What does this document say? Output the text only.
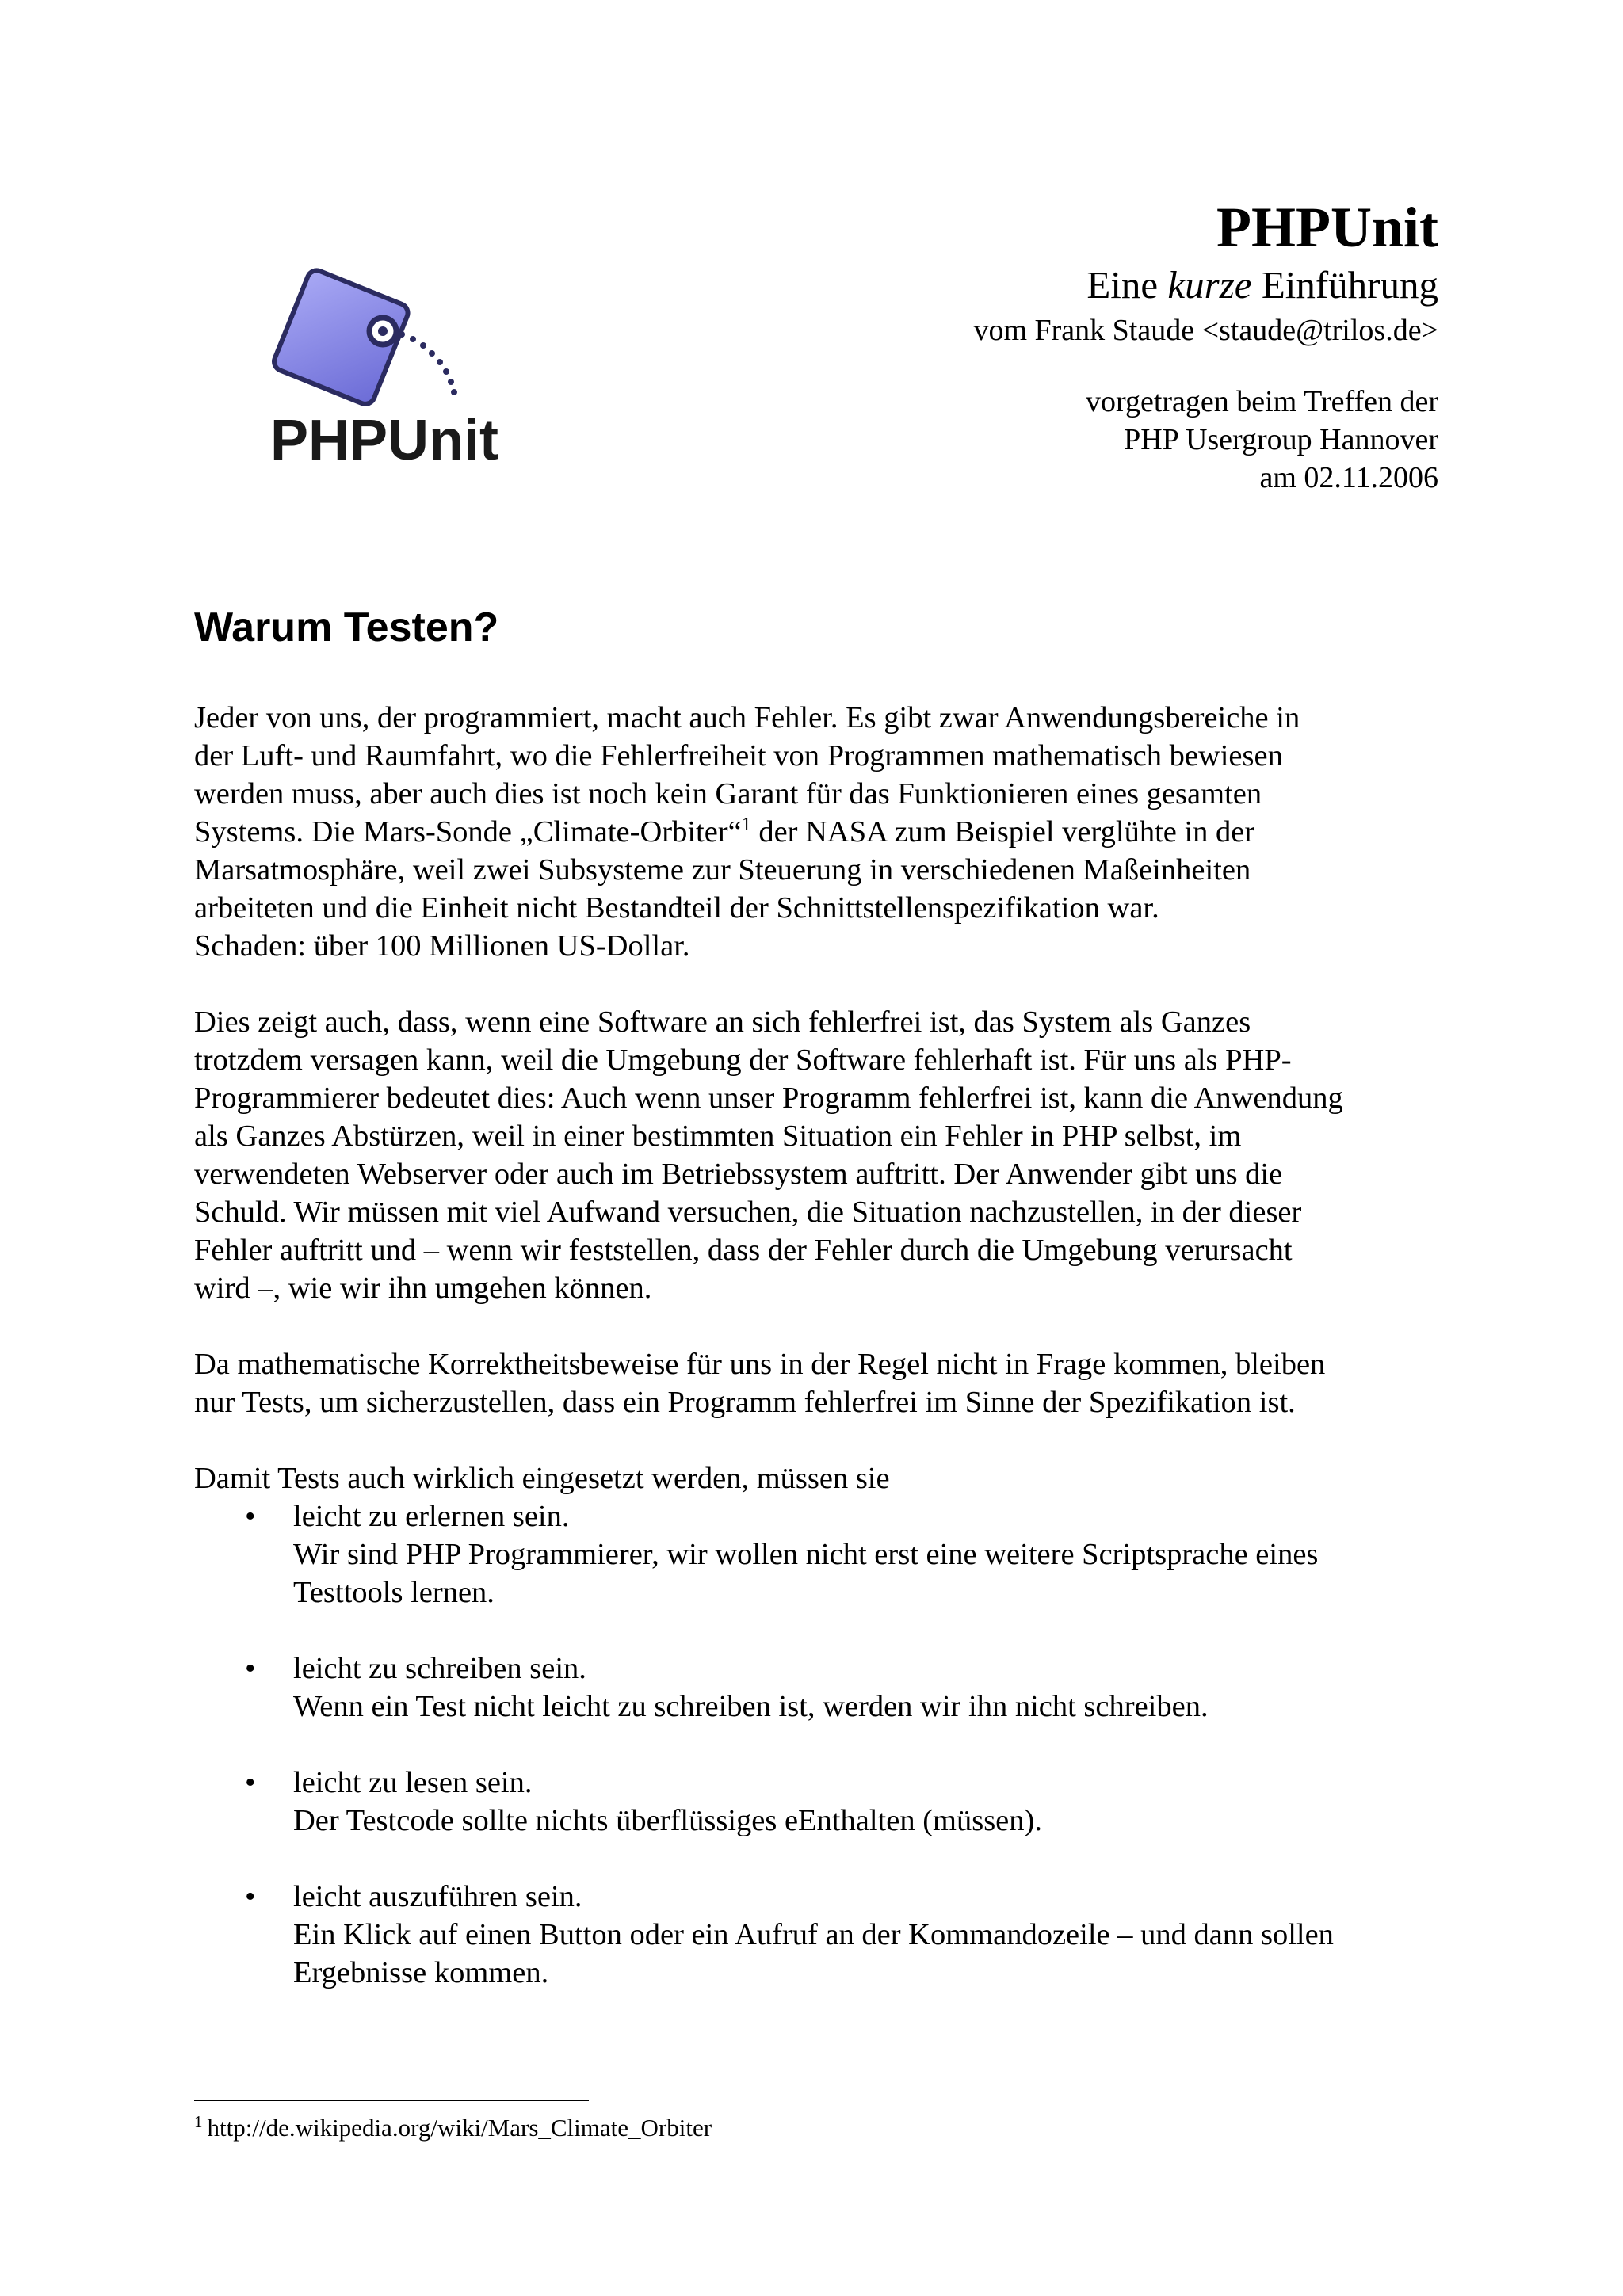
PHPUnit
PHPUnit
Eine kurze Einführung
vom Frank Staude <staude@trilos.de>
vorgetragen beim Treffen der
PHP Usergroup Hannover
am 02.11.2006
Warum Testen?

Jeder von uns, der programmiert, macht auch Fehler. Es gibt zwar Anwendungsbereiche in
der Luft- und Raumfahrt, wo die Fehlerfreiheit von Programmen mathematisch bewiesen
werden muss, aber auch dies ist noch kein Garant für das Funktionieren eines gesamten
Systems. Die Mars-Sonde „Climate-Orbiter“$^1$ der NASA zum Beispiel verglühte in der
Marsatmosphäre, weil zwei Subsysteme zur Steuerung in verschiedenen Maßeinheiten
arbeiteten und die Einheit nicht Bestandteil der Schnittstellenspezifikation war.
Schaden: über 100 Millionen US-Dollar.

Dies zeigt auch, dass, wenn eine Software an sich fehlerfrei ist, das System als Ganzes
trotzdem versagen kann, weil die Umgebung der Software fehlerhaft ist. Für uns als PHP-
Programmierer bedeutet dies: Auch wenn unser Programm fehlerfrei ist, kann die Anwendung
als Ganzes Abstürzen, weil in einer bestimmten Situation ein Fehler in PHP selbst, im
verwendeten Webserver oder auch im Betriebssystem auftritt. Der Anwender gibt uns die
Schuld. Wir müssen mit viel Aufwand versuchen, die Situation nachzustellen, in der dieser
Fehler auftritt und – wenn wir feststellen, dass der Fehler durch die Umgebung verursacht
wird –, wie wir ihn umgehen können.

Da mathematische Korrektheitsbeweise für uns in der Regel nicht in Frage kommen, bleiben
nur Tests, um sicherzustellen, dass ein Programm fehlerfrei im Sinne der Spezifikation ist.

Damit Tests auch wirklich eingesetzt werden, müssen sie

• leicht zu erlernen sein.
Wir sind PHP Programmierer, wir wollen nicht erst eine weitere Scriptsprache eines
Testtools lernen.
• leicht zu schreiben sein.
Wenn ein Test nicht leicht zu schreiben ist, werden wir ihn nicht schreiben.
• leicht zu lesen sein.
Der Testcode sollte nichts überflüssiges eEnthalten (müssen).
• leicht auszuführen sein.
Ein Klick auf einen Button oder ein Aufruf an der Kommandozeile – und dann sollen
Ergebnisse kommen.
$^1$ http://de.wikipedia.org/wiki/Mars_Climate_Orbiter
